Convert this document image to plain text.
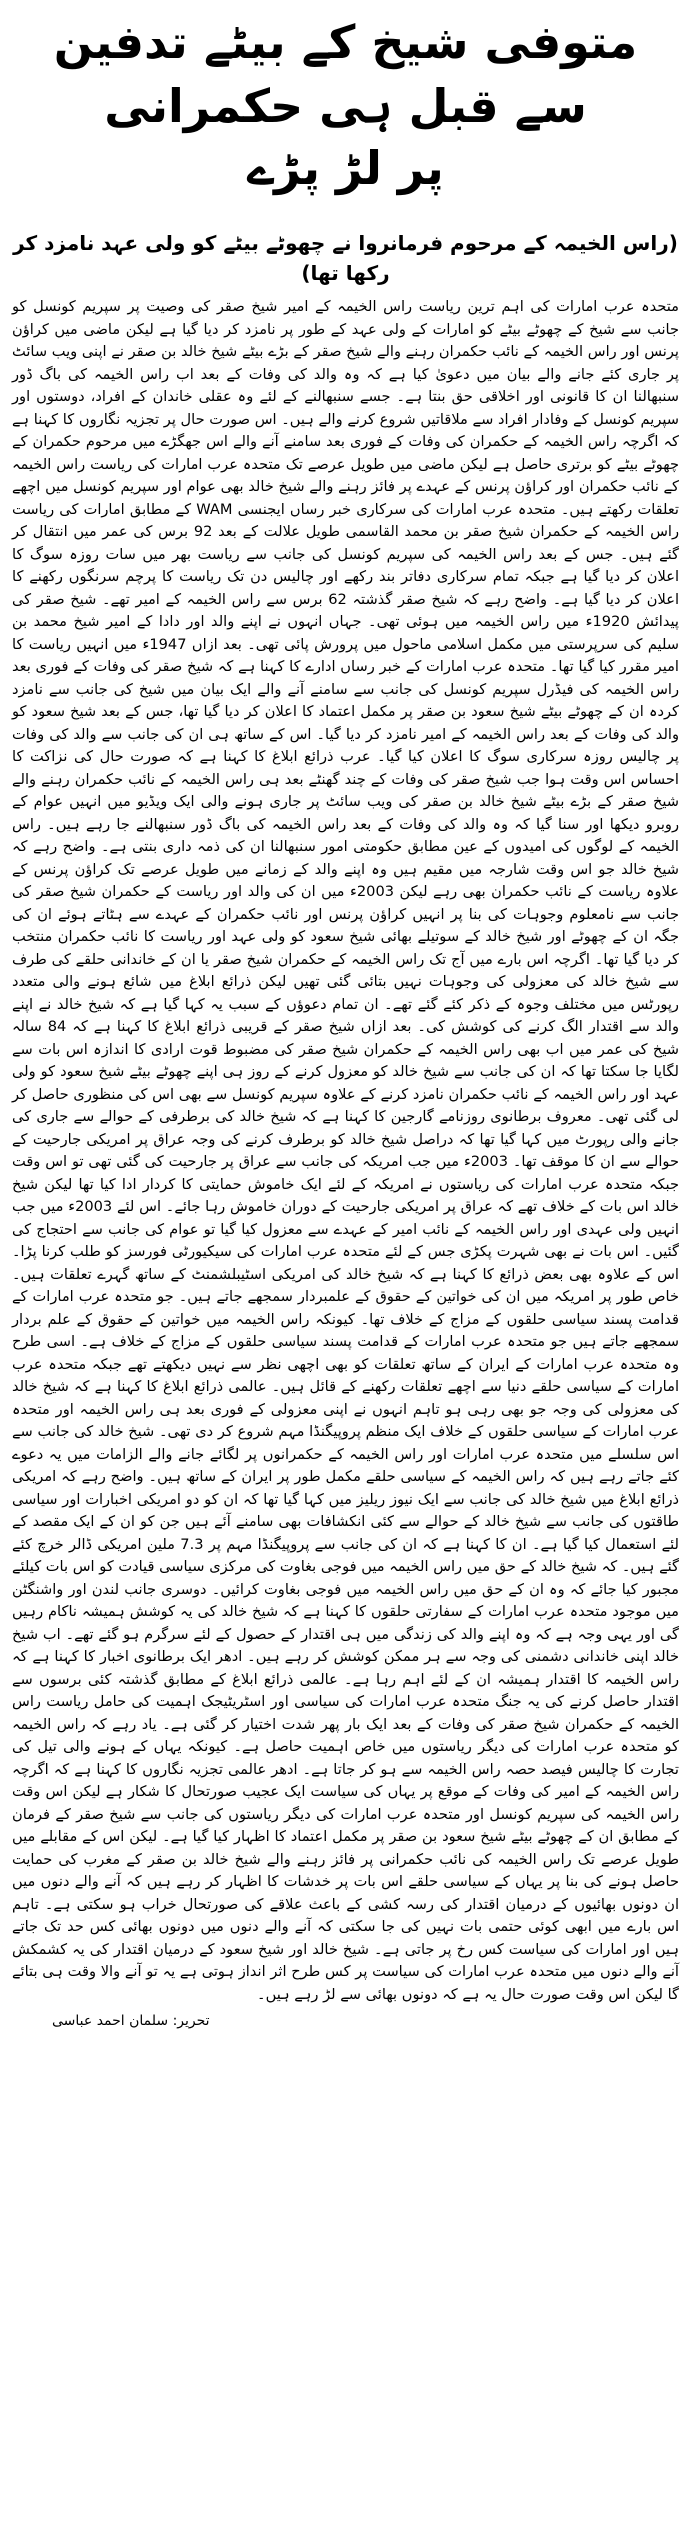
متوفی شیخ کے بیٹے تدفین سے قبل ہی حکمرانی
پر لڑ پڑے
(راس الخیمہ کے مرحوم فرمانروا نے چھوٹے بیٹے کو ولی عہد نامزد کر رکھا تھا)

متحدہ عرب امارات کی اہم ترین ریاست راس الخیمہ کے امیر شیخ صقر کی وصیت پر سپریم کونسل کو جانب سے شیخ کے چھوٹے بیٹے کو امارات کے ولی عہد کے طور پر نامزد کر دیا گیا ہے لیکن ماضی میں کراؤن پرنس اور راس الخیمہ کے نائب حکمران رہنے والے شیخ صقر کے بڑے بیٹے شیخ خالد بن صقر نے اپنی ویب سائٹ پر جاری کئے جانے والے بیان میں دعویٰ کیا ہے کہ وہ والد کی وفات کے بعد اب راس الخیمہ کی باگ ڈور سنبھالنا ان کا قانونی اور اخلاقی حق بنتا ہے۔ جسے سنبھالنے کے لئے وہ عقلی خاندان کے افراد، دوستوں اور سپریم کونسل کے وفادار افراد سے ملاقاتیں شروع کرنے والے ہیں۔ اس صورت حال پر تجزیہ نگاروں کا کہنا ہے کہ اگرچہ راس الخیمہ کے حکمران کی وفات کے فوری بعد سامنے آنے والے اس جھگڑے میں مرحوم حکمران کے چھوٹے بیٹے کو برتری حاصل ہے لیکن ماضی میں طویل عرصے تک متحدہ عرب امارات کی ریاست راس الخیمہ کے نائب حکمران اور کراؤن پرنس کے عہدے پر فائز رہنے والے شیخ خالد بھی عوام اور سپریم کونسل میں اچھے تعلقات رکھتے ہیں۔ متحدہ عرب امارات کی سرکاری خبر رساں ایجنسی WAM کے مطابق امارات کی ریاست راس الخیمہ کے حکمران شیخ صقر بن محمد القاسمی طویل علالت کے بعد 92 برس کی عمر میں انتقال کر گئے ہیں۔ جس کے بعد راس الخیمہ کی سپریم کونسل کی جانب سے ریاست بھر میں سات روزہ سوگ کا اعلان کر دیا گیا ہے جبکہ تمام سرکاری دفاتر بند رکھے اور چالیس دن تک ریاست کا پرچم سرنگوں رکھنے کا اعلان کر دیا گیا ہے۔ واضح رہے کہ شیخ صقر گذشتہ 62 برس سے راس الخیمہ کے امیر تھے۔ شیخ صقر کی پیدائش 1920ء میں راس الخیمہ میں ہوئی تھی۔ جہاں انہوں نے اپنے والد اور دادا کے امیر شیخ محمد بن سلیم کی سرپرستی میں مکمل اسلامی ماحول میں پرورش پائی تھی۔ بعد ازاں 1947ء میں انہیں ریاست کا امیر مقرر کیا گیا تھا۔ متحدہ عرب امارات کے خبر رساں ادارے کا کہنا ہے کہ شیخ صقر کی وفات کے فوری بعد راس الخیمہ کی فیڈرل سپریم کونسل کی جانب سے سامنے آنے والے ایک بیان میں شیخ کی جانب سے نامزد کردہ ان کے چھوٹے بیٹے شیخ سعود بن صقر پر مکمل اعتماد کا اعلان کر دیا گیا تھا، جس کے بعد شیخ سعود کو والد کی وفات کے بعد راس الخیمہ کے امیر نامزد کر دیا گیا۔ اس کے ساتھ ہی ان کی جانب سے والد کی وفات پر چالیس روزہ سرکاری سوگ کا اعلان کیا گیا۔ عرب ذرائع ابلاغ کا کہنا ہے کہ صورت حال کی نزاکت کا احساس اس وقت ہوا جب شیخ صقر کی وفات کے چند گھنٹے بعد ہی راس الخیمہ کے نائب حکمران رہنے والے شیخ صقر کے بڑے بیٹے شیخ خالد بن صقر کی ویب سائٹ پر جاری ہونے والی ایک ویڈیو میں انہیں عوام کے روبرو دیکھا اور سنا گیا کہ وہ والد کی وفات کے بعد راس الخیمہ کی باگ ڈور سنبھالنے جا رہے ہیں۔ راس الخیمہ کے لوگوں کی امیدوں کے عین مطابق حکومتی امور سنبھالنا ان کی ذمہ داری بنتی ہے۔ واضح رہے کہ شیخ خالد جو اس وقت شارجہ میں مقیم ہیں وہ اپنے والد کے زمانے میں طویل عرصے تک کراؤن پرنس کے علاوہ ریاست کے نائب حکمران بھی رہے لیکن 2003ء میں ان کی والد اور ریاست کے حکمران شیخ صقر کی جانب سے نامعلوم وجوہات کی بنا پر انہیں کراؤن پرنس اور نائب حکمران کے عہدے سے ہٹاتے ہوئے ان کی جگہ ان کے چھوٹے اور شیخ خالد کے سوتیلے بھائی شیخ سعود کو ولی عہد اور ریاست کا نائب حکمران منتخب کر دیا گیا تھا۔ اگرچہ اس بارے میں آج تک راس الخیمہ کے حکمران شیخ صقر یا ان کے خاندانی حلقے کی طرف سے شیخ خالد کی معزولی کی وجوہات نہیں بتائی گئی تھیں لیکن ذرائع ابلاغ میں شائع ہونے والی متعدد رپورٹس میں مختلف وجوہ کے ذکر کئے گئے تھے۔ ان تمام دعوؤں کے سبب یہ کہا گیا ہے کہ شیخ خالد نے اپنے والد سے اقتدار الگ کرنے کی کوشش کی۔ بعد ازاں شیخ صقر کے قریبی ذرائع ابلاغ کا کہنا ہے کہ 84 سالہ شیخ کی عمر میں اب بھی راس الخیمہ کے حکمران شیخ صقر کی مضبوط قوت ارادی کا اندازہ اس بات سے لگایا جا سکتا تھا کہ ان کی جانب سے شیخ خالد کو معزول کرنے کے روز ہی اپنے چھوٹے بیٹے شیخ سعود کو ولی عہد اور راس الخیمہ کے نائب حکمران نامزد کرنے کے علاوہ سپریم کونسل سے بھی اس کی منظوری حاصل کر لی گئی تھی۔ معروف برطانوی روزنامے گارجین کا کہنا ہے کہ شیخ خالد کی برطرفی کے حوالے سے جاری کی جانے والی رپورٹ میں کہا گیا تھا کہ دراصل شیخ خالد کو برطرف کرنے کی وجہ عراق پر امریکی جارحیت کے حوالے سے ان کا موقف تھا۔ 2003ء میں جب امریکہ کی جانب سے عراق پر جارحیت کی گئی تھی تو اس وقت جبکہ متحدہ عرب امارات کی ریاستوں نے امریکہ کے لئے ایک خاموش حمایتی کا کردار ادا کیا تھا لیکن شیخ خالد اس بات کے خلاف تھے کہ عراق پر امریکی جارحیت کے دوران خاموش رہا جائے۔ اس لئے 2003ء میں جب انہیں ولی عہدی اور راس الخیمہ کے نائب امیر کے عہدے سے معزول کیا گیا تو عوام کی جانب سے احتجاج کی گئیں۔ اس بات نے بھی شہرت پکڑی جس کے لئے متحدہ عرب امارات کی سیکیورٹی فورسز کو طلب کرنا پڑا۔ اس کے علاوہ بھی بعض ذرائع کا کہنا ہے کہ شیخ خالد کی امریکی اسٹیبلشمنٹ کے ساتھ گہرے تعلقات ہیں۔ خاص طور پر امریکہ میں ان کی خواتین کے حقوق کے علمبردار سمجھے جاتے ہیں۔ جو متحدہ عرب امارات کے قدامت پسند سیاسی حلقوں کے مزاج کے خلاف تھا۔ کیونکہ راس الخیمہ میں خواتین کے حقوق کے علم بردار سمجھے جاتے ہیں جو متحدہ عرب امارات کے قدامت پسند سیاسی حلقوں کے مزاج کے خلاف ہے۔ اسی طرح وہ متحدہ عرب امارات کے ایران کے ساتھ تعلقات کو بھی اچھی نظر سے نہیں دیکھتے تھے جبکہ متحدہ عرب امارات کے سیاسی حلقے دنیا سے اچھے تعلقات رکھنے کے قائل ہیں۔ عالمی ذرائع ابلاغ کا کہنا ہے کہ شیخ خالد کی معزولی کی وجہ جو بھی رہی ہو تاہم انہوں نے اپنی معزولی کے فوری بعد ہی راس الخیمہ اور متحدہ عرب امارات کے سیاسی حلقوں کے خلاف ایک منظم پروپیگنڈا مہم شروع کر دی تھی۔ شیخ خالد کی جانب سے اس سلسلے میں متحدہ عرب امارات اور راس الخیمہ کے حکمرانوں پر لگائے جانے والے الزامات میں یہ دعوے کئے جاتے رہے ہیں کہ راس الخیمہ کے سیاسی حلقے مکمل طور پر ایران کے ساتھ ہیں۔ واضح رہے کہ امریکی ذرائع ابلاغ میں شیخ خالد کی جانب سے ایک نیوز ریلیز میں کہا گیا تھا کہ ان کو دو امریکی اخبارات اور سیاسی طاقتوں کی جانب سے شیخ خالد کے حوالے سے کئی انکشافات بھی سامنے آئے ہیں جن کو ان کے ایک مقصد کے لئے استعمال کیا گیا ہے۔ ان کا کہنا ہے کہ ان کی جانب سے پروپیگنڈا مہم پر 7.3 ملین امریکی ڈالر خرچ کئے گئے ہیں۔ کہ شیخ خالد کے حق میں راس الخیمہ میں فوجی بغاوت کی مرکزی سیاسی قیادت کو اس بات کیلئے مجبور کیا جائے کہ وہ ان کے حق میں راس الخیمہ میں فوجی بغاوت کرائیں۔ دوسری جانب لندن اور واشنگٹن میں موجود متحدہ عرب امارات کے سفارتی حلقوں کا کہنا ہے کہ شیخ خالد کی یہ کوشش ہمیشہ ناکام رہیں گی اور یہی وجہ ہے کہ وہ اپنے والد کی زندگی میں ہی اقتدار کے حصول کے لئے سرگرم ہو گئے تھے۔ اب شیخ خالد اپنی خاندانی دشمنی کی وجہ سے ہر ممکن کوشش کر رہے ہیں۔ ادھر ایک برطانوی اخبار کا کہنا ہے کہ راس الخیمہ کا اقتدار ہمیشہ ان کے لئے اہم رہا ہے۔ عالمی ذرائع ابلاغ کے مطابق گذشتہ کئی برسوں سے اقتدار حاصل کرنے کی یہ جنگ متحدہ عرب امارات کی سیاسی اور اسٹریٹیجک اہمیت کی حامل ریاست راس الخیمہ کے حکمران شیخ صقر کی وفات کے بعد ایک بار پھر شدت اختیار کر گئی ہے۔ یاد رہے کہ راس الخیمہ کو متحدہ عرب امارات کی دیگر ریاستوں میں خاص اہمیت حاصل ہے۔ کیونکہ یہاں کے ہونے والی تیل کی تجارت کا چالیس فیصد حصہ راس الخیمہ سے ہو کر جاتا ہے۔ ادھر عالمی تجزیہ نگاروں کا کہنا ہے کہ اگرچہ راس الخیمہ کے امیر کی وفات کے موقع پر یہاں کی سیاست ایک عجیب صورتحال کا شکار ہے لیکن اس وقت راس الخیمہ کی سپریم کونسل اور متحدہ عرب امارات کی دیگر ریاستوں کی جانب سے شیخ صقر کے فرمان کے مطابق ان کے چھوٹے بیٹے شیخ سعود بن صقر پر مکمل اعتماد کا اظہار کیا گیا ہے۔ لیکن اس کے مقابلے میں طویل عرصے تک راس الخیمہ کی نائب حکمرانی پر فائز رہنے والے شیخ خالد بن صقر کے مغرب کی حمایت حاصل ہونے کی بنا پر یہاں کے سیاسی حلقے اس بات پر خدشات کا اظہار کر رہے ہیں کہ آنے والے دنوں میں ان دونوں بھائیوں کے درمیان اقتدار کی رسہ کشی کے باعث علاقے کی صورتحال خراب ہو سکتی ہے۔ تاہم اس بارے میں ابھی کوئی حتمی بات نہیں کی جا سکتی کہ آنے والے دنوں میں دونوں بھائی کس حد تک جاتے ہیں اور امارات کی سیاست کس رخ پر جاتی ہے۔ شیخ خالد اور شیخ سعود کے درمیان اقتدار کی یہ کشمکش آنے والے دنوں میں متحدہ عرب امارات کی سیاست پر کس طرح اثر انداز ہوتی ہے یہ تو آنے والا وقت ہی بتائے گا لیکن اس وقت صورت حال یہ ہے کہ دونوں بھائی سے لڑ رہے ہیں۔

تحریر: سلمان احمد عباسی
